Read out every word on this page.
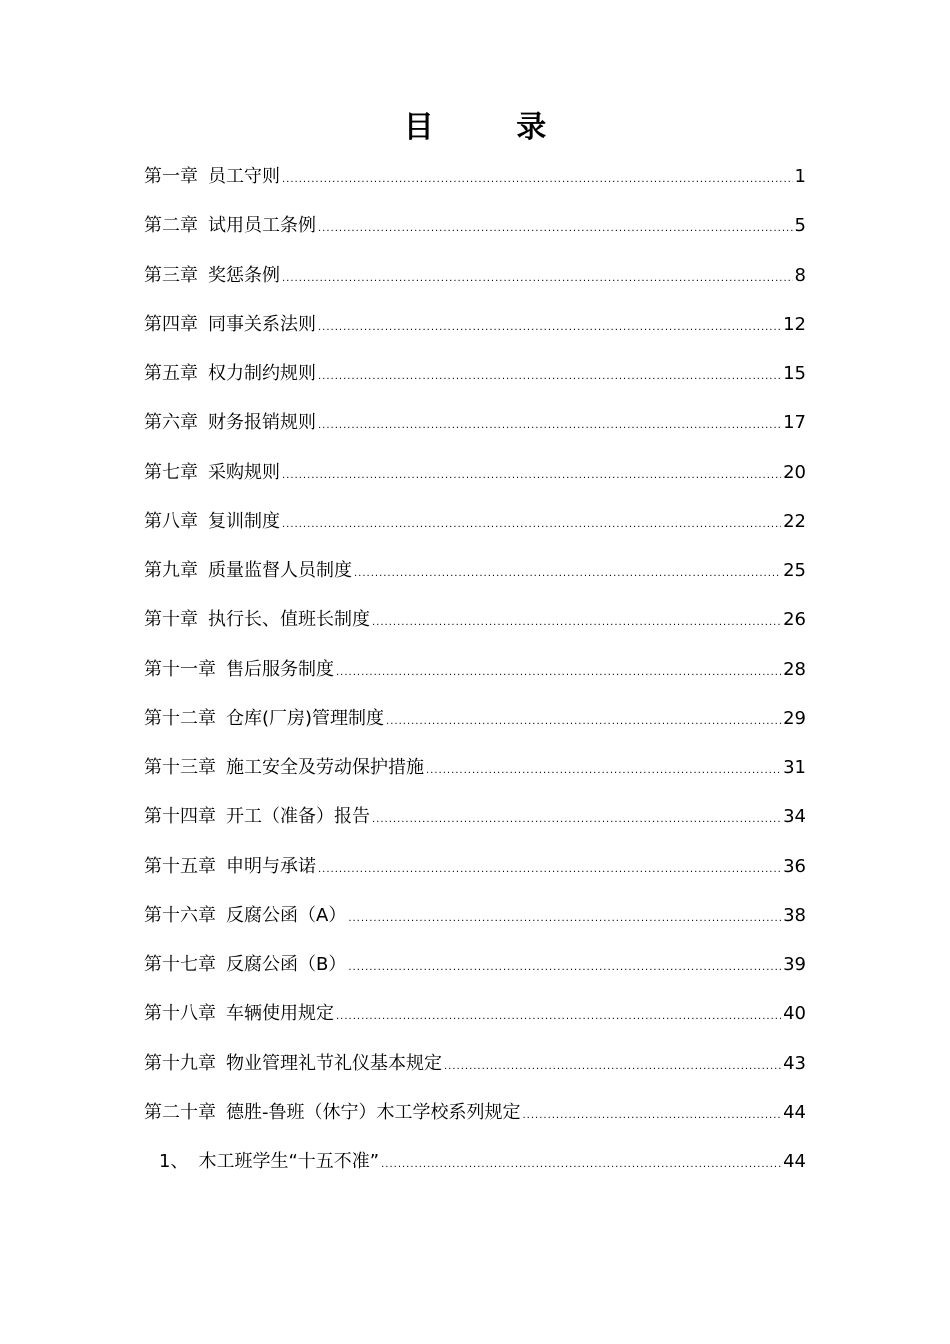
目 录
第一章 员工守则 .....	1
第二章 试用员工条例 .....	5
第三章 奖惩条例 .....	8
第四章 同事关系法则 .....	12
第五章 权力制约规则 .....	15
第六章 财务报销规则 .....	17
第七章 采购规则 .....	20
第八章 复训制度 .....	22
第九章 质量监督人员制度 .....	25
第十章 执行长、值班长制度 .....	26
第十一章 售后服务制度 .....	28
第十二章 仓库(厂房)管理制度 .....	29
第十三章 施工安全及劳动保护措施 .....	31
第十四章 开工（准备）报告 .....	34
第十五章 申明与承诺 .....	36
第十六章 反腐公函（A） .....	38
第十七章 反腐公函（B） .....	39
第十八章 车辆使用规定 .....	40
第十九章 物业管理礼节礼仪基本规定 .....	43
第二十章 德胜-鲁班（休宁）木工学校系列规定 .....	44
1、 木工班学生“十五不准” .....	44
